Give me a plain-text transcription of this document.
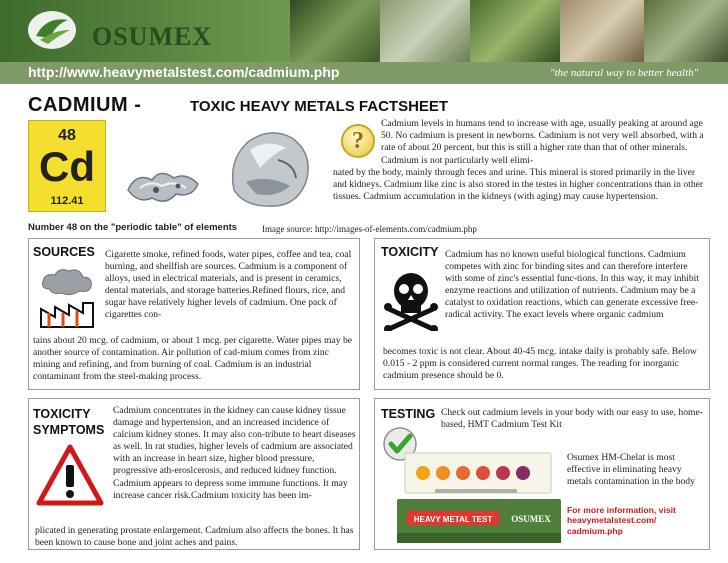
OSUMEX
http://www.heavymetalstest.com/cadmium.php	"the natural way to better health"
CADMIUM -	TOXIC HEAVY METALS FACTSHEET
48
Cd
112.41
Number 48 on the "periodic table" of elements	Image source: http://images-of-elements.com/cadmium.php
?
Cadmium levels in humans tend to increase with age, usually peaking at around age 50. No cadmium is present in newborns. Cadmium is not very well absorbed, with a rate of about 20 percent, but this is still a higher rate than that of other minerals. Cadmium is not particularly well elimi-
nated by the body, mainly through feces and urine. This mineral is stored primarily in the liver and kidneys. Cadmium like zinc is also stored in the testes in higher concentrations than in other tissues. Cadmium accumulation in the kidneys (with aging) may cause hypertension.
SOURCES Cigarette smoke, refined foods, water pipes, coffee and tea, coal burning, and shellfish are sources. Cadmium is a component of alloys, used in electrical materials, and is present in ceramics, dental materials, and storage batteries.Refined flours, rice, and sugar have relatively higher levels of cadmium. One pack of cigarettes con-
tains about 20 mcg. of cadmium, or about 1 mcg. per cigarette. Water pipes may be another source of contamination. Air pollution of cad-mium comes from zinc mining and refining, and from burning of coal. Cadmium is an industrial contaminant from the steel-making process.
TOXICITY Cadmium has no known useful biological functions. Cadmium competes with zinc for binding sites and can therefore interfere with some of zinc's essential func-tions. In this way, it may inhibit enzyme reactions and utilization of nutrients. Cadmium may be a catalyst to oxidation reactions, which can generate excessive free-radical activity. The exact levels where organic cadmium
becomes toxic is not clear. About 40-45 mcg. intake daily is probably safe. Below 0.015 - 2 ppm is considered current normal ranges. The reading for inorganic cadmium presence should be 0.
TOXICITY
SYMPTOMS
Cadmium concentrates in the kidney can cause kidney tissue damage and hypertension, and an increased incidence of calcium kidney stones. It may also con-tribute to heart diseases as well. In rat studies, higher levels of cadmium are associated with an increase in heart size, higher blood pressure, progressive ath-eroslcerosis, and reduced kidney function. Cadmium appears to depress some immune functions. It may increase cancer risk.Cadmium toxicity has been im-
plicated in generating prostate enlargement. Cadmium also affects the bones. It has been known to cause bone and joint aches and pains.
TESTING Check out cadmium levels in your body with our easy to use, home-based, HMT Cadmium Test Kit
HEAVY METAL TEST OSUMEX
Osumex HM-Chelat is most effective in eliminating heavy metals contamination in the body
For more information, visit heavymetalstest.com/ cadmium.php
